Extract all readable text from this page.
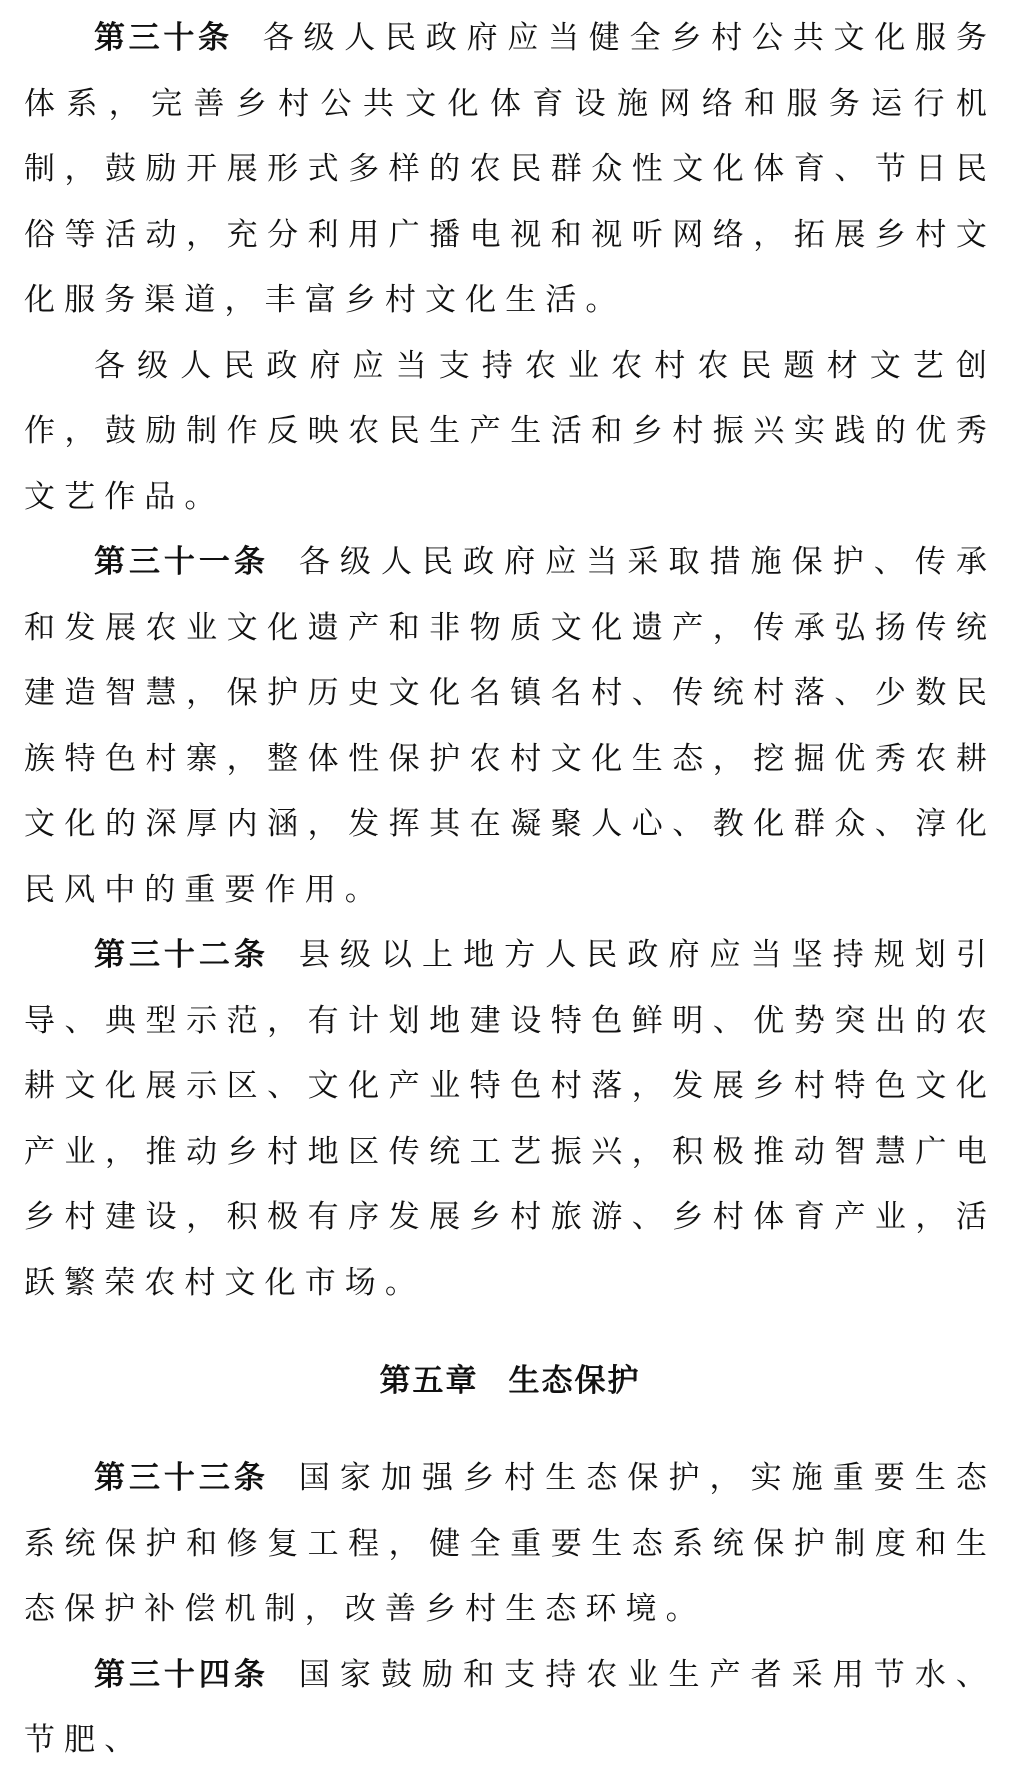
第三十条 各级人民政府应当健全乡村公共文化服务体系，完善乡村公共文化体育设施网络和服务运行机制，鼓励开展形式多样的农民群众性文化体育、节日民俗等活动，充分利用广播电视和视听网络，拓展乡村文化服务渠道，丰富乡村文化生活。

各级人民政府应当支持农业农村农民题材文艺创作，鼓励制作反映农民生产生活和乡村振兴实践的优秀文艺作品。

第三十一条 各级人民政府应当采取措施保护、传承和发展农业文化遗产和非物质文化遗产，传承弘扬传统建造智慧，保护历史文化名镇名村、传统村落、少数民族特色村寨，整体性保护农村文化生态，挖掘优秀农耕文化的深厚内涵，发挥其在凝聚人心、教化群众、淳化民风中的重要作用。

第三十二条 县级以上地方人民政府应当坚持规划引导、典型示范，有计划地建设特色鲜明、优势突出的农耕文化展示区、文化产业特色村落，发展乡村特色文化产业，推动乡村地区传统工艺振兴，积极推动智慧广电乡村建设，积极有序发展乡村旅游、乡村体育产业，活跃繁荣农村文化市场。

第五章 生态保护

第三十三条 国家加强乡村生态保护，实施重要生态系统保护和修复工程，健全重要生态系统保护制度和生态保护补偿机制，改善乡村生态环境。

第三十四条 国家鼓励和支持农业生产者采用节水、节肥、
